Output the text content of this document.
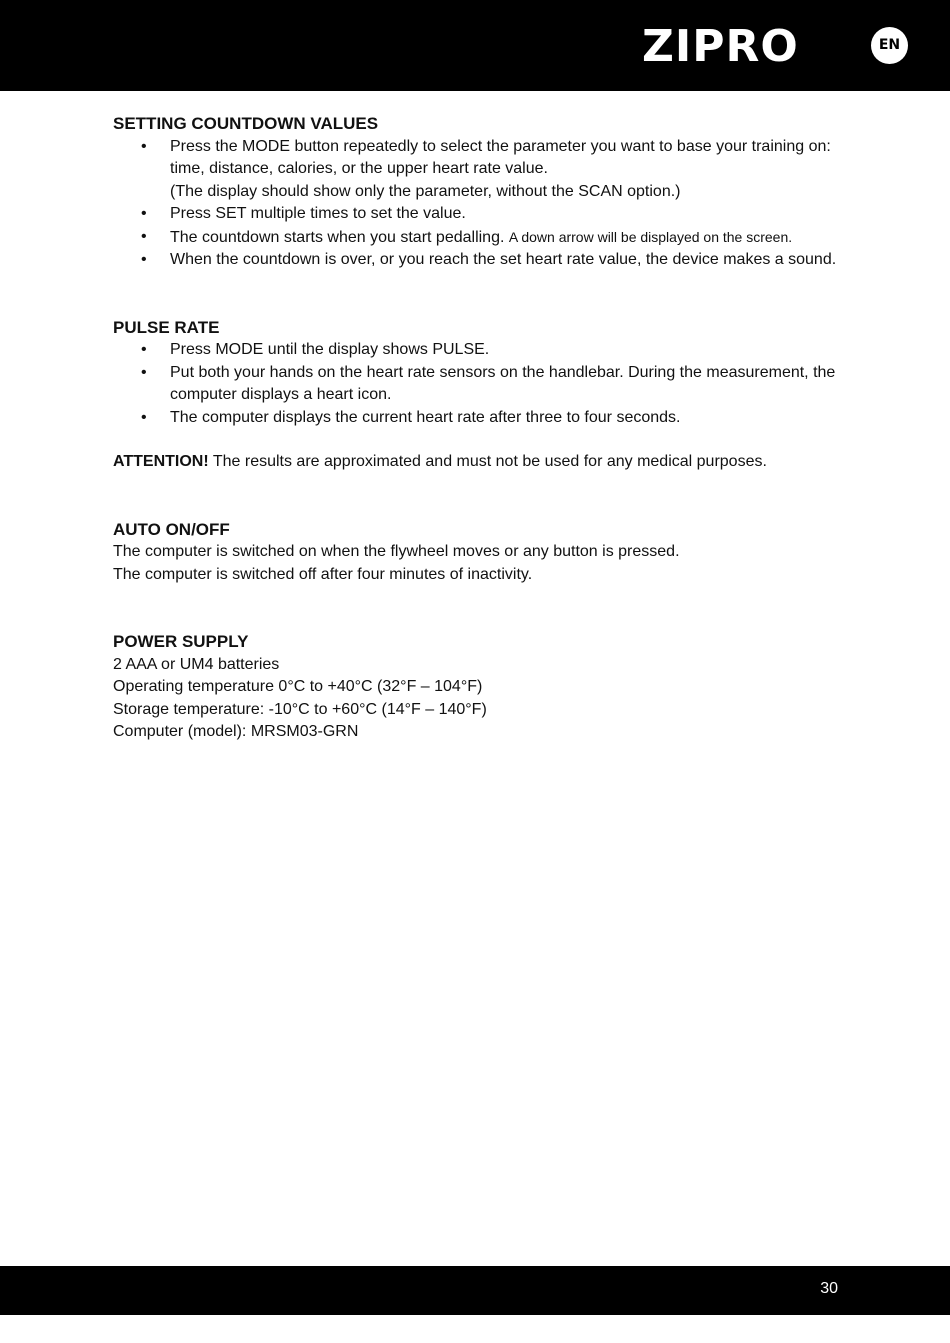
ZIPRO	EN

SETTING COUNTDOWN VALUES

• Press the MODE button repeatedly to select the parameter you want to base your training on: time, distance, calories, or the upper heart rate value.
(The display should show only the parameter, without the SCAN option.)
• Press SET multiple times to set the value.
• The countdown starts when you start pedalling. A down arrow will be displayed on the screen.
• When the countdown is over, or you reach the set heart rate value, the device makes a sound.

PULSE RATE

• Press MODE until the display shows PULSE.
• Put both your hands on the heart rate sensors on the handlebar. During the measurement, the computer displays a heart icon.
• The computer displays the current heart rate after three to four seconds.

ATTENTION! The results are approximated and must not be used for any medical purposes.

AUTO ON/OFF

The computer is switched on when the flywheel moves or any button is pressed.

The computer is switched off after four minutes of inactivity.

POWER SUPPLY

2 AAA or UM4 batteries

Operating temperature 0°C to +40°C (32°F – 104°F)

Storage temperature: -10°C to +60°C (14°F – 140°F)

Computer (model): MRSM03-GRN

30
